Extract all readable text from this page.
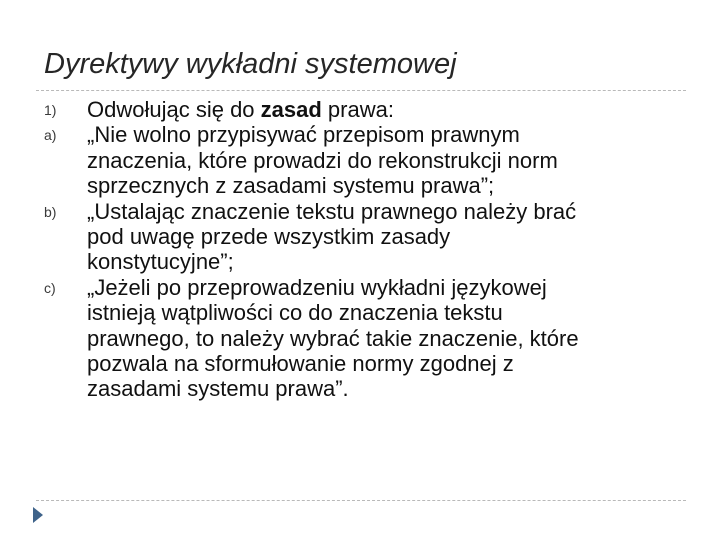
Dyrektywy wykładni systemowej
1) Odwołując się do zasad prawa:
a) „Nie wolno przypisywać przepisom prawnym
znaczenia, które prowadzi do rekonstrukcji norm
sprzecznych z zasadami systemu prawa”;
b) „Ustalając znaczenie tekstu prawnego należy brać
pod uwagę przede wszystkim zasady
konstytucyjne”;
c) „Jeżeli po przeprowadzeniu wykładni językowej
istnieją wątpliwości co do znaczenia tekstu
prawnego, to należy wybrać takie znaczenie, które
pozwala na sformułowanie normy zgodnej z
zasadami systemu prawa”.
